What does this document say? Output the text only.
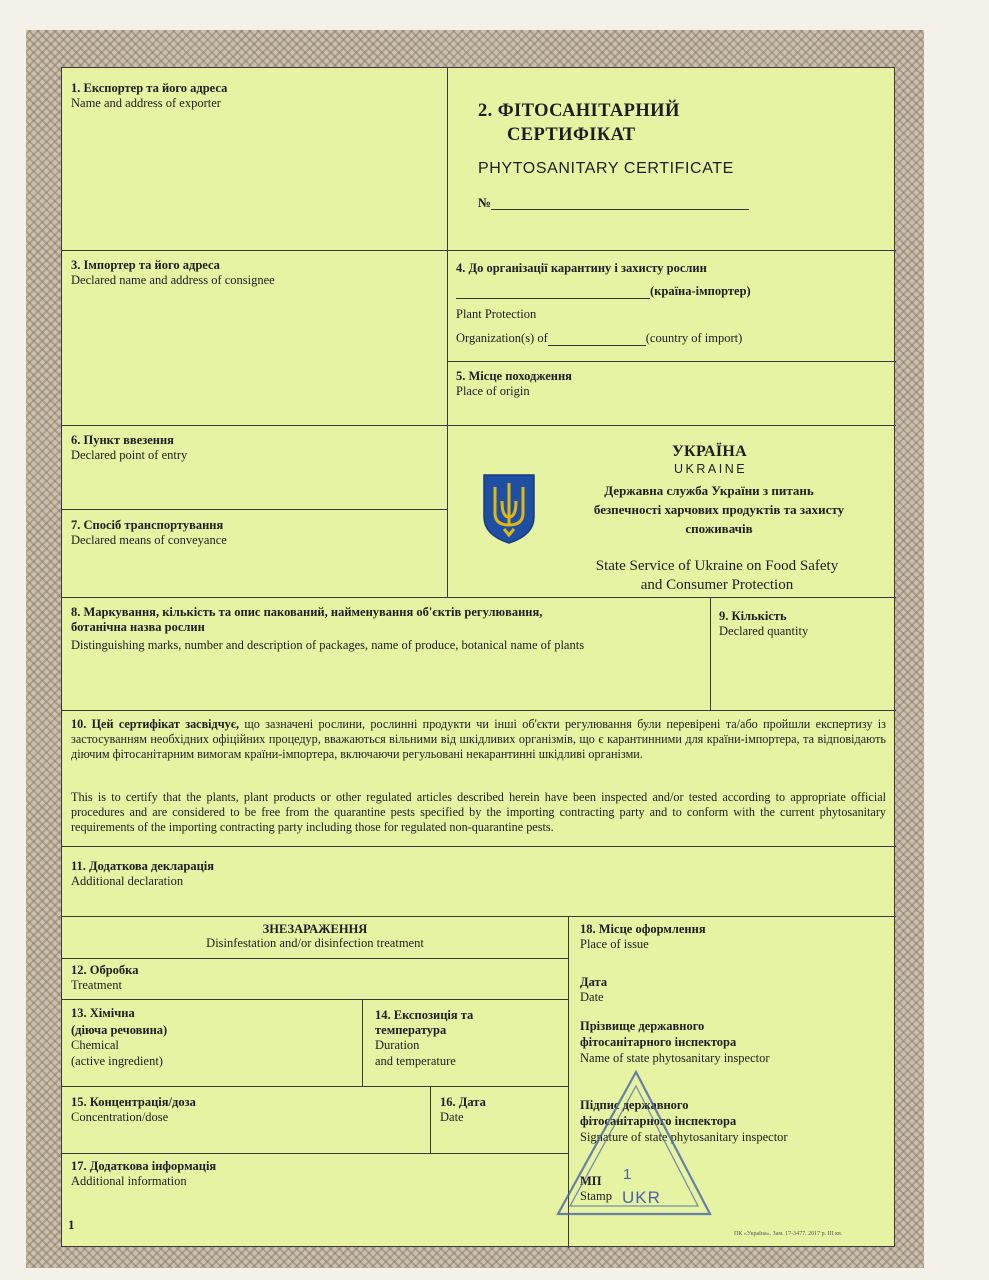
1. Експортер та його адреса
Name and address of exporter	2. ФІТОСАНІТАРНИЙ
СЕРТИФІКАТ
PHYTOSANITARY CERTIFICATE
№
3. Імпортер та його адреса
Declared name and address of consignee
4. До організації карантину і захисту рослин
(країна-імпортер)
Plant Protection
Organization(s) of	(country of import)
5. Місце походження
Place of origin
6. Пункт ввезення
Declared point of entry
7. Спосіб транспортування
Declared means of conveyance
УКРАЇНА
UKRAINE
Державна служба України з питань
безпечності харчових продуктів та захисту
споживачів
State Service of Ukraine on Food Safety
and Consumer Protection
8. Маркування, кількість та опис пакований, найменування об'єктів регулювання,
ботанічна назва рослин
Distinguishing marks, number and description of packages, name of produce, botanical name of plants
9. Кількість
Declared quantity
10. Цей сертифікат засвідчує, що зазначені рослини, рослинні продукти чи інші об'єкти регулювання були перевірені та/або пройшли експертизу із застосуванням необхідних офіційних процедур, вважаються вільними від шкідливих організмів, що є карантинними для країни-імпортера, та відповідають діючим фітосанітарним вимогам країни-імпортера, включаючи регульовані некарантинні шкідливі організми.
This is to certify that the plants, plant products or other regulated articles described herein have been inspected and/or tested according to appropriate official procedures and are considered to be free from the quarantine pests specified by the importing contracting party and to conform with the current phytosanitary requirements of the importing contracting party including those for regulated non-quarantine pests.
11. Додаткова декларація
Additional declaration
ЗНЕЗАРАЖЕННЯ
Disinfestation and/or disinfection treatment
12. Обробка
Treatment
13. Хімічна
(діюча речовина)
Chemical
(active ingredient)
14. Експозиція та
температура
Duration
and temperature
15. Концентрація/доза
Concentration/dose
16. Дата
Date
17. Додаткова інформація
Additional information
18. Місце оформлення
Place of issue
Дата
Date
Прізвище державного
фітосанітарного інспектора
Name of state phytosanitary inspector
Підпис державного
фітосанітарного інспектора
Signature of state phytosanitary inspector
МП
Stamp
1
UKR
1
ПК «Україна». Зам. 17-3477. 2017 р. III кв.
